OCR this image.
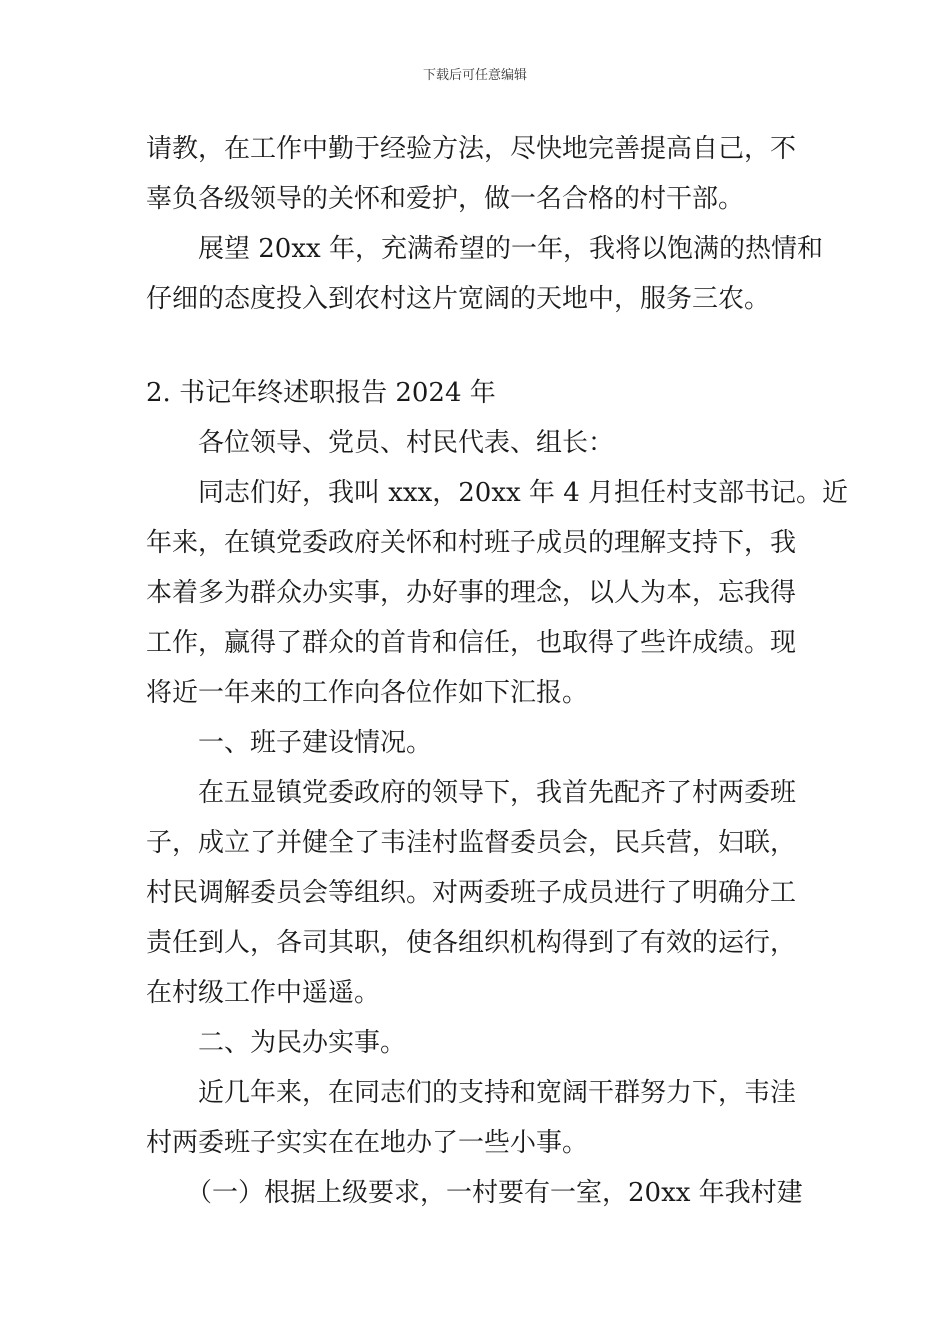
下载后可任意编辑
请教，在工作中勤于经验方法，尽快地完善提高自己，不
辜负各级领导的关怀和爱护，做一名合格的村干部。
展望 20xx 年，充满希望的一年，我将以饱满的热情和
仔细的态度投入到农村这片宽阔的天地中，服务三农。
2. 书记年终述职报告 2024 年
各位领导、党员、村民代表、组长：
同志们好，我叫 xxx，20xx 年 4 月担任村支部书记。近
年来，在镇党委政府关怀和村班子成员的理解支持下，我
本着多为群众办实事，办好事的理念，以人为本，忘我得
工作，赢得了群众的首肯和信任，也取得了些许成绩。现
将近一年来的工作向各位作如下汇报。
一、班子建设情况。
在五显镇党委政府的领导下，我首先配齐了村两委班
子，成立了并健全了韦洼村监督委员会，民兵营，妇联，
村民调解委员会等组织。对两委班子成员进行了明确分工
责任到人，各司其职，使各组织机构得到了有效的运行，
在村级工作中遥遥。
二、为民办实事。
近几年来，在同志们的支持和宽阔干群努力下，韦洼
村两委班子实实在在地办了一些小事。
（一）根据上级要求，一村要有一室，20xx 年我村建
